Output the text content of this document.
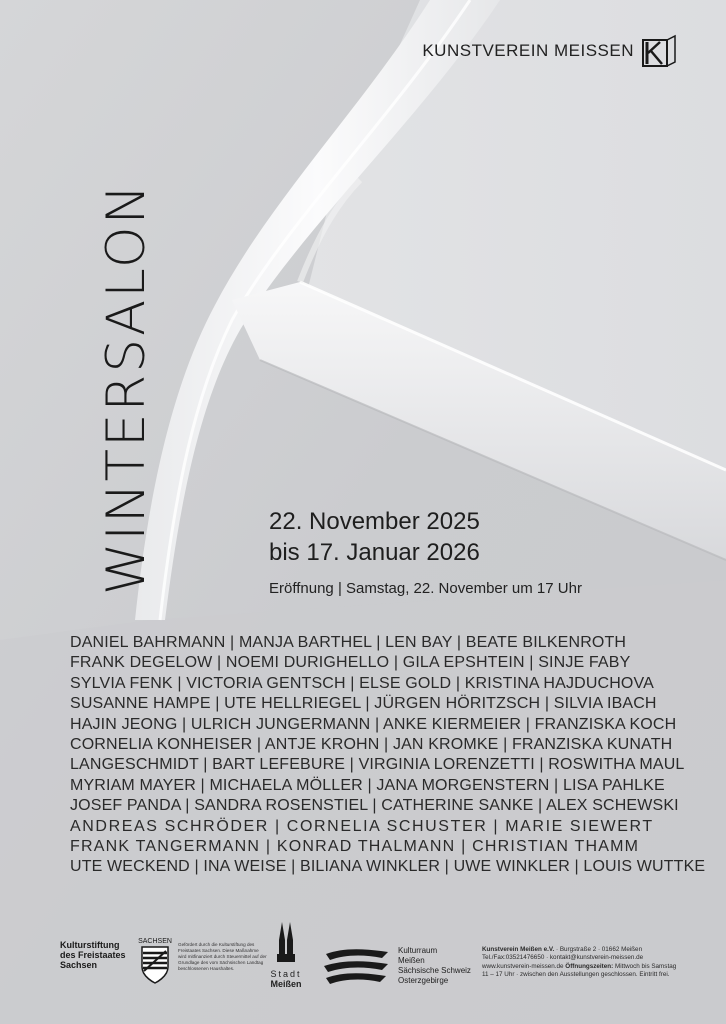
KUNSTVEREIN MEISSEN
WINTERSALON	22. November 2025
bis 17. Januar 2026
Eröffnung | Samstag, 22. November um 17 Uhr
DANIEL BAHRMANN | MANJA BARTHEL | LEN BAY | BEATE BILKENROTH
FRANK DEGELOW | NOEMI DURIGHELLO | GILA EPSHTEIN | SINJE FABY
SYLVIA FENK | VICTORIA GENTSCH | ELSE GOLD | KRISTINA HAJDUCHOVA
SUSANNE HAMPE | UTE HELLRIEGEL | JÜRGEN HÖRITZSCH | SILVIA IBACH
HAJIN JEONG | ULRICH JUNGERMANN | ANKE KIERMEIER | FRANZISKA KOCH
CORNELIA KONHEISER | ANTJE KROHN | JAN KROMKE | FRANZISKA KUNATH
LANGESCHMIDT | BART LEFEBURE | VIRGINIA LORENZETTI | ROSWITHA MAUL
MYRIAM MAYER | MICHAELA MÖLLER | JANA MORGENSTERN | LISA PAHLKE
JOSEF PANDA | SANDRA ROSENSTIEL | CATHERINE SANKE | ALEX SCHEWSKI
ANDREAS SCHRÖDER | CORNELIA SCHUSTER | MARIE SIEWERT
FRANK TANGERMANN | KONRAD THALMANN | CHRISTIAN THAMM
UTE WECKEND | INA WEISE | BILIANA WINKLER | UWE WINKLER | LOUIS WUTTKE
Kulturstiftung des Freistaates Sachsen
SACHSEN Gefördert durch die Kulturstiftung des Freistaates Sachsen. Diese Maßnahme wird mitfinanziert durch Steuermittel auf der Grundlage des vom Sächsischen Landtag beschlossenen Haushaltes.
Stadt
Meißen
Kulturraum
Meißen
Sächsische Schweiz
Osterzgebirge
Kunstverein Meißen e.V. · Burgstraße 2 · 01662 Meißen
Tel./Fax:03521476650 · kontakt@kunstverein-meissen.de
www.kunstverein-meissen.de Öffnungszeiten: Mittwoch bis Samstag 11 – 17 Uhr · zwischen den Ausstellungen geschlossen. Eintritt frei.
